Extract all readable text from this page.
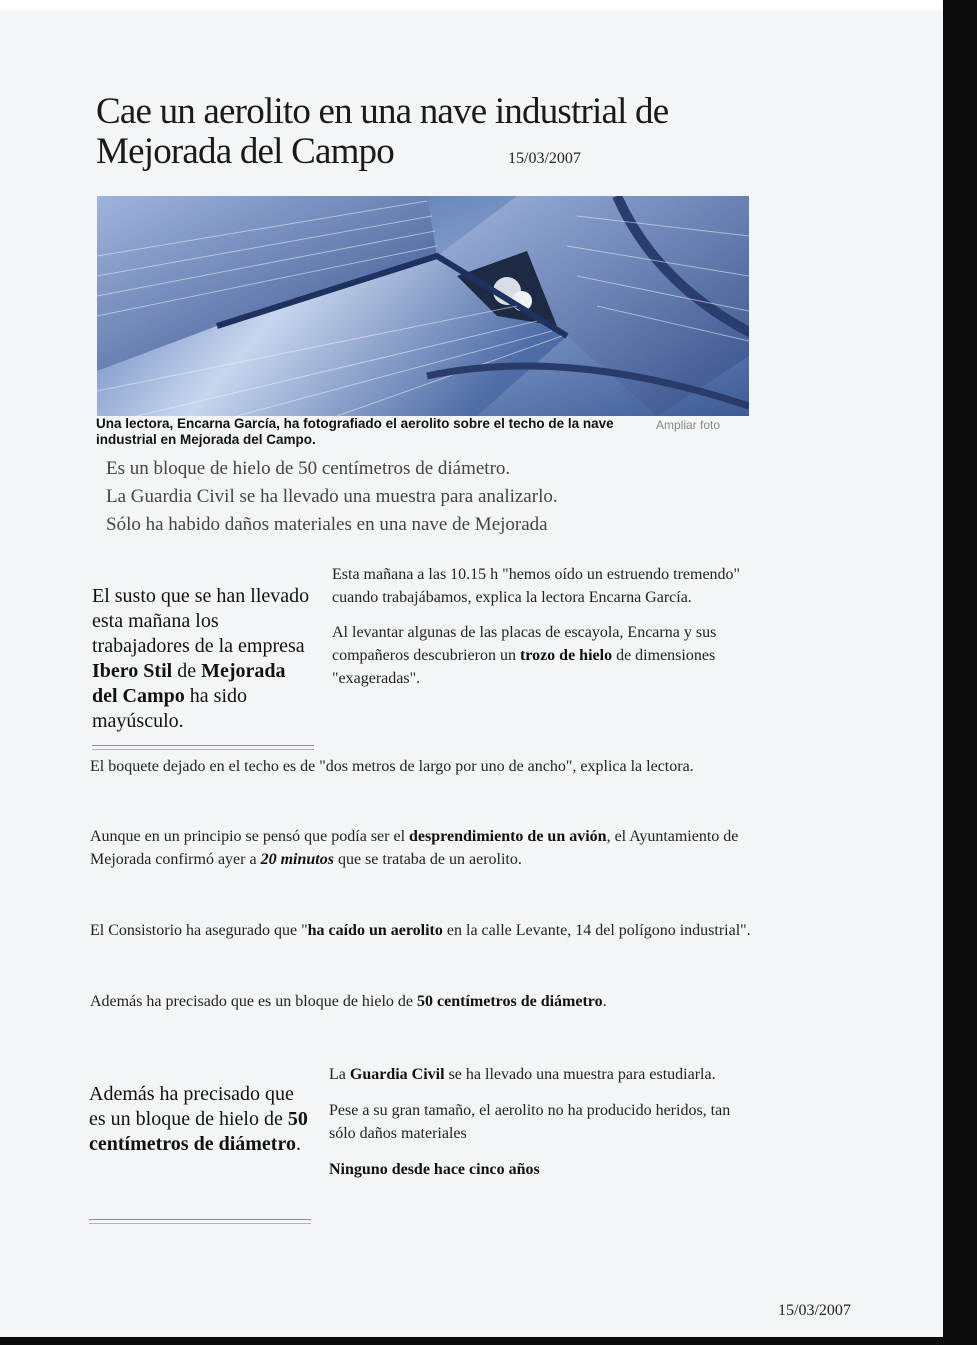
Cae un aerolito en una nave industrial de Mejorada del Campo	15/03/2007
Una lectora, Encarna García, ha fotografiado el aerolito sobre el techo de la nave industrial en Mejorada del Campo.
Ampliar foto
Es un bloque de hielo de 50 centímetros de diámetro.
La Guardia Civil se ha llevado una muestra para analizarlo.
Sólo ha habido daños materiales en una nave de Mejorada
El susto que se han llevado esta mañana los trabajadores de la empresa Ibero Stil de Mejorada del Campo ha sido mayúsculo.

Esta mañana a las 10.15 h "hemos oído un estruendo tremendo" cuando trabajábamos, explica la lectora Encarna García.

Al levantar algunas de las placas de escayola, Encarna y sus compañeros descubrieron un trozo de hielo de dimensiones "exageradas".

El boquete dejado en el techo es de "dos metros de largo por uno de ancho", explica la lectora.
Aunque en un principio se pensó que podía ser el desprendimiento de un avión, el Ayuntamiento de Mejorada confirmó ayer a 20 minutos que se trataba de un aerolito.
El Consistorio ha asegurado que "ha caído un aerolito en la calle Levante, 14 del polígono industrial".
Además ha precisado que es un bloque de hielo de 50 centímetros de diámetro.
Además ha precisado que es un bloque de hielo de 50 centímetros de diámetro.

La Guardia Civil se ha llevado una muestra para estudiarla.

Pese a su gran tamaño, el aerolito no ha producido heridos, tan sólo daños materiales

Ninguno desde hace cinco años

15/03/2007
